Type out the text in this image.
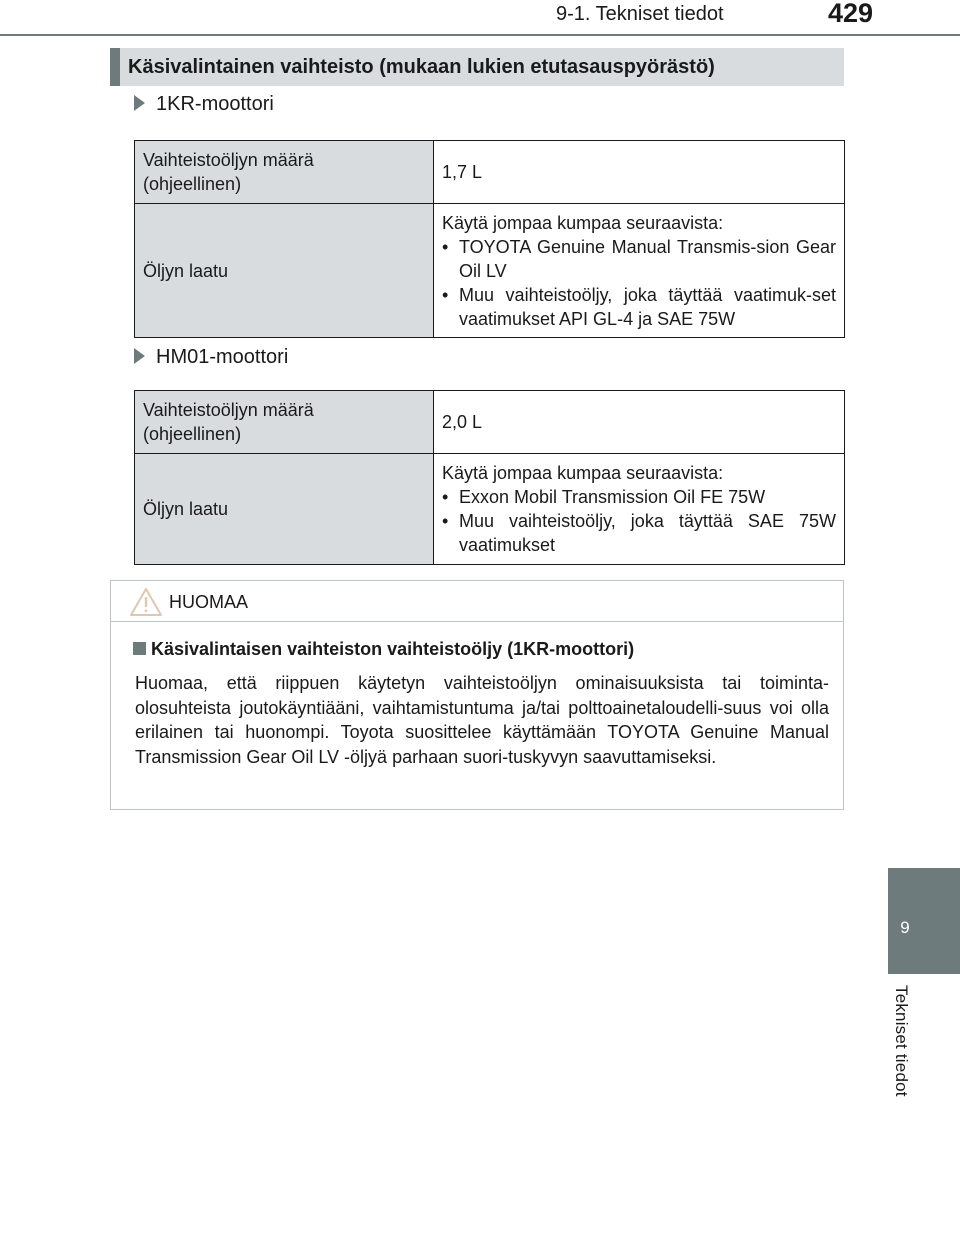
9-1. Tekniset tiedot	429
9
Tekniset tiedot
Käsivalintainen vaihteisto (mukaan lukien etutasauspyörästö)
1KR-moottori
Vaihteistoöljyn määrä
(ohjeellinen)	1,7 L
Öljyn laatu	Käytä jompaa kumpaa seuraavista:
• TOYOTA Genuine Manual Transmis-sion Gear Oil LV
• Muu vaihteistoöljy, joka täyttää vaatimuk-set vaatimukset API GL-4 ja SAE 75W
HM01-moottori
Vaihteistoöljyn määrä
(ohjeellinen)	2,0 L
Öljyn laatu	Käytä jompaa kumpaa seuraavista:
• Exxon Mobil Transmission Oil FE 75W
• Muu vaihteistoöljy, joka täyttää SAE 75W vaatimukset
HUOMAA
Käsivalintaisen vaihteiston vaihteistoöljy (1KR-moottori)
Huomaa, että riippuen käytetyn vaihteistoöljyn ominaisuuksista tai toiminta-olosuhteista joutokäyntiääni, vaihtamistuntuma ja/tai polttoainetaloudelli-suus voi olla erilainen tai huonompi. Toyota suosittelee käyttämään TOYOTA Genuine Manual Transmission Gear Oil LV -öljyä parhaan suori-tuskyvyn saavuttamiseksi.
